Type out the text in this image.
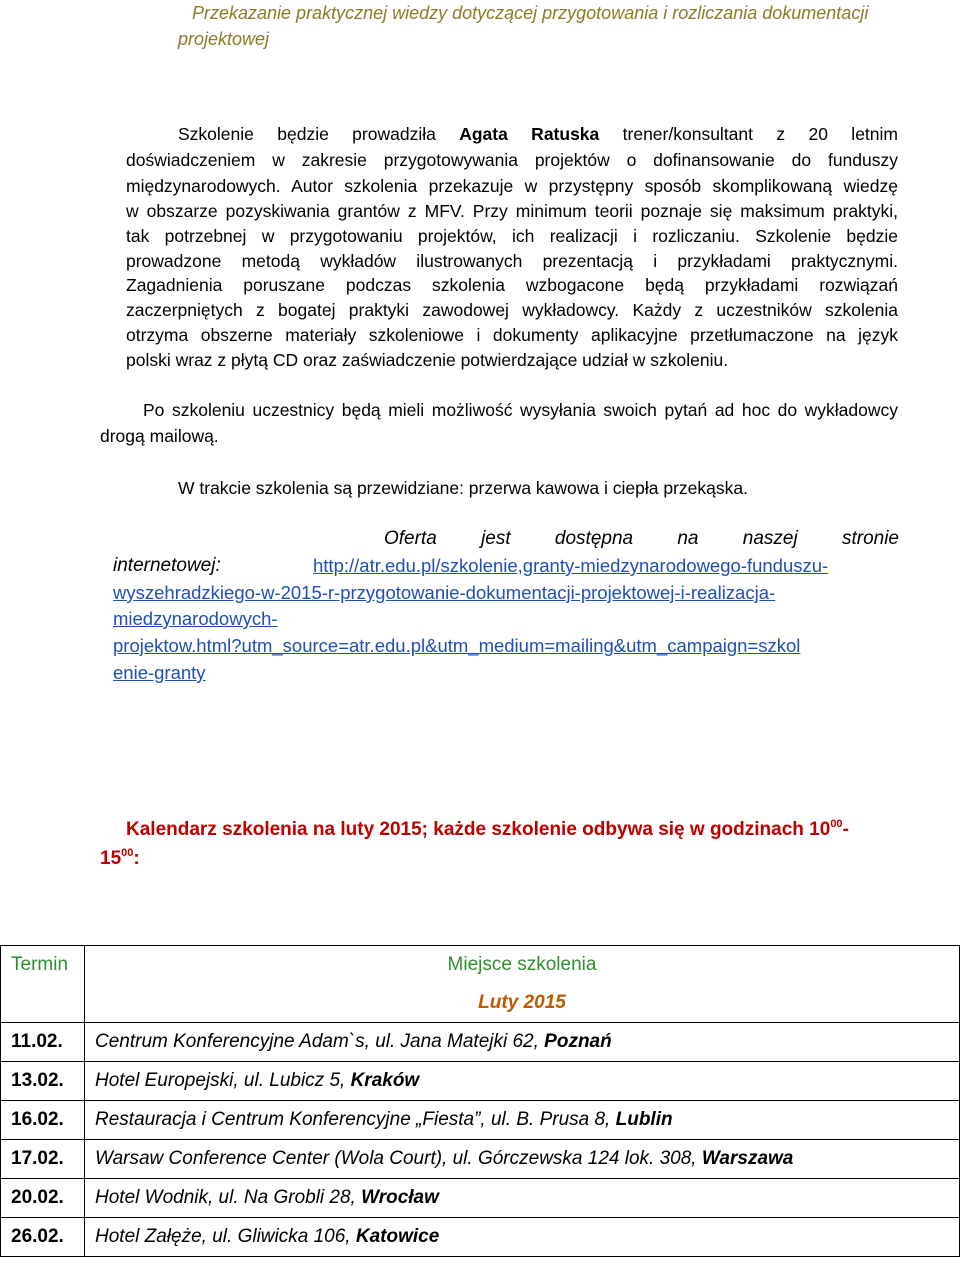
Przekazanie praktycznej wiedzy dotyczącej przygotowania i rozliczania dokumentacji
projektowej
Szkolenie będzie prowadziła Agata Ratuska trener/konsultant z 20 letnim
doświadczeniem w zakresie przygotowywania projektów o dofinansowanie do funduszy
międzynarodowych. Autor szkolenia przekazuje w przystępny sposób skomplikowaną wiedzę
w obszarze pozyskiwania grantów z MFV. Przy minimum teorii poznaje się maksimum praktyki,
tak potrzebnej w przygotowaniu projektów, ich realizacji i rozliczaniu. Szkolenie będzie
prowadzone metodą wykładów ilustrowanych prezentacją i przykładami praktycznymi.
Zagadnienia poruszane podczas szkolenia wzbogacone będą przykładami rozwiązań
zaczerpniętych z bogatej praktyki zawodowej wykładowcy. Każdy z uczestników szkolenia
otrzyma obszerne materiały szkoleniowe i dokumenty aplikacyjne przetłumaczone na język
polski wraz z płytą CD oraz zaświadczenie potwierdzające udział w szkoleniu.
Po szkoleniu uczestnicy będą mieli możliwość wysyłania swoich pytań ad hoc do wykładowcy
drogą mailową.
W trakcie szkolenia są przewidziane: przerwa kawowa i ciepła przekąska.
Oferta jest dostępna na naszej stronie
internetowej:	http://atr.edu.pl/szkolenie,granty-miedzynarodowego-funduszu-
wyszehradzkiego-w-2015-r-przygotowanie-dokumentacji-projektowej-i-realizacja-
miedzynarodowych-
projektow.html?utm_source=atr.edu.pl&utm_medium=mailing&utm_campaign=szkol
enie-granty
Kalendarz szkolenia na luty 2015; każde szkolenie odbywa się w godzinach $10^{00}-$
$15^{00}$:
Termin	Miejsce szkolenia
	Luty 2015
11.02.	Centrum Konferencyjne Adam`s, ul. Jana Matejki 62, Poznań
13.02.	Hotel Europejski, ul. Lubicz 5, Kraków
16.02.	Restauracja i Centrum Konferencyjne „Fiesta”, ul. B. Prusa 8, Lublin
17.02.	Warsaw Conference Center (Wola Court), ul. Górczewska 124 lok. 308, Warszawa
20.02.	Hotel Wodnik, ul. Na Grobli 28, Wrocław
26.02.	Hotel Załęże, ul. Gliwicka 106, Katowice
